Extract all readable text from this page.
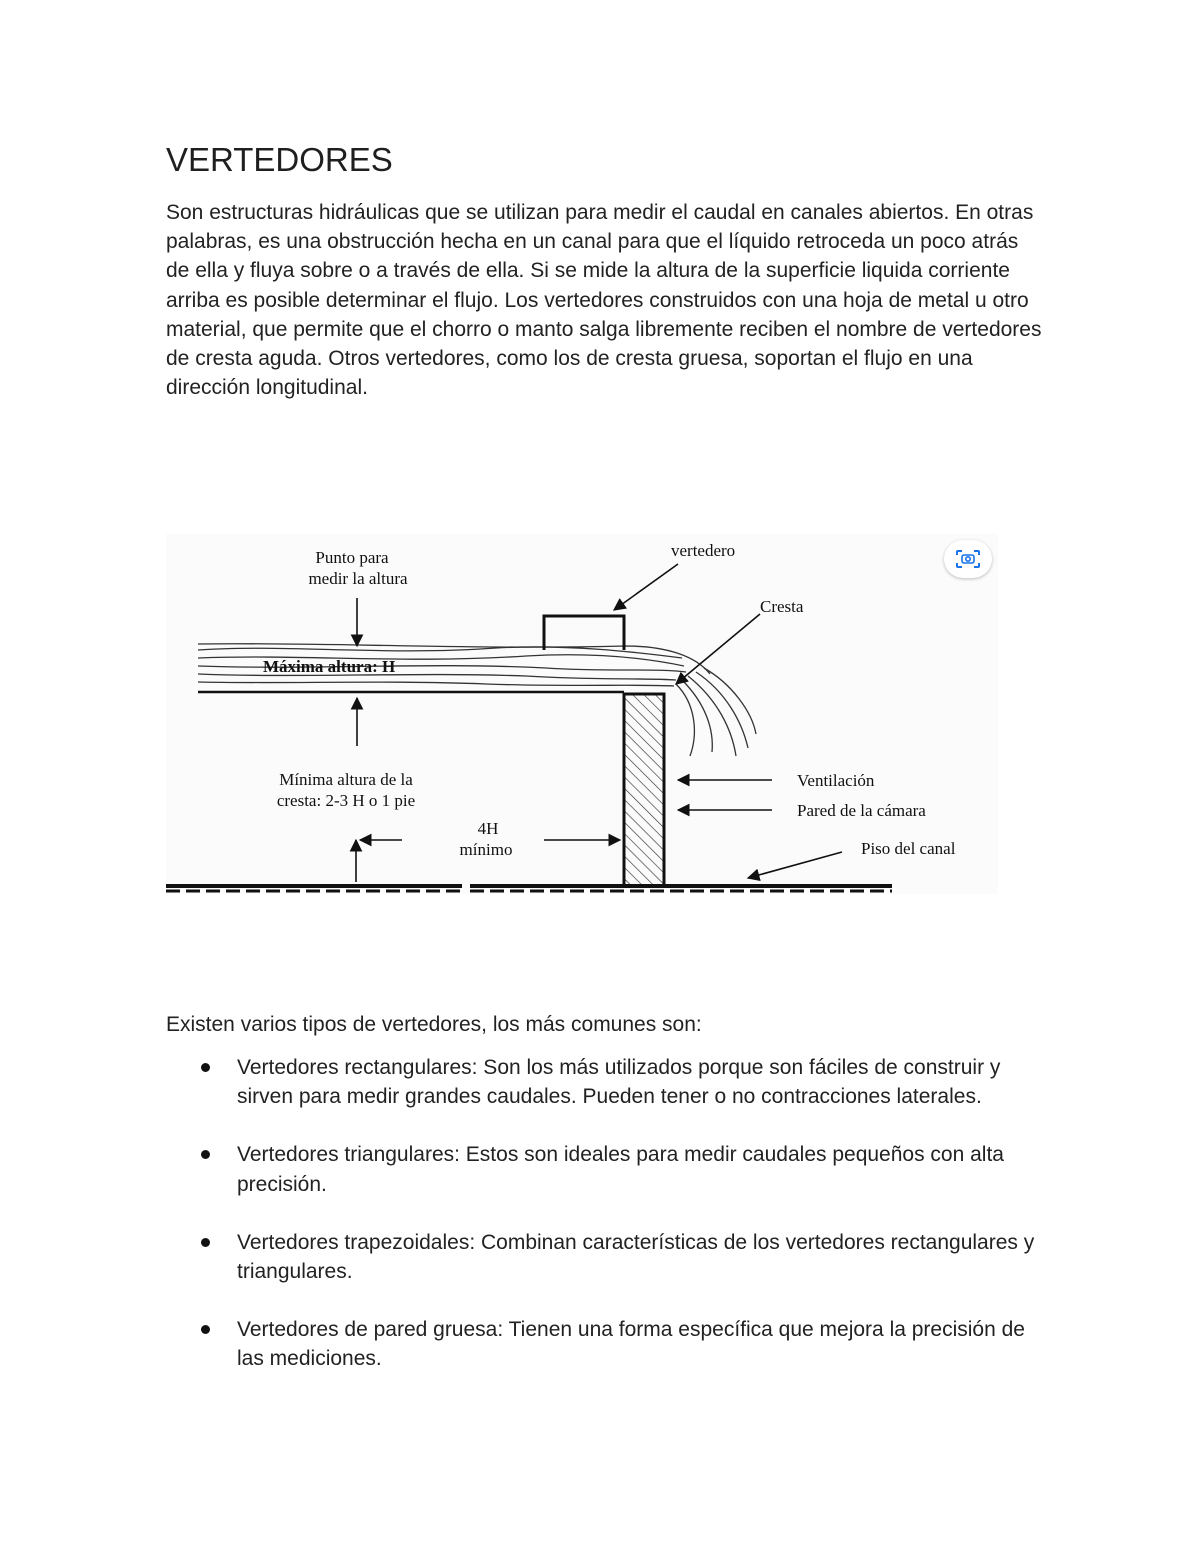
VERTEDORES

Son estructuras hidráulicas que se utilizan para medir el caudal en canales abiertos. En otras palabras, es una obstrucción hecha en un canal para que el líquido retroceda un poco atrás de ella y fluya sobre o a través de ella. Si se mide la altura de la superficie liquida corriente arriba es posible determinar el flujo. Los vertedores construidos con una hoja de metal u otro material, que permite que el chorro o manto salga libremente reciben el nombre de vertedores de cresta aguda. Otros vertedores, como los de cresta gruesa, soportan el flujo en una dirección longitudinal.

Punto para
medir la altura
vertedero
Cresta
Máxima altura: H
Mínima altura de la
cresta: 2-3 H o 1 pie
4H
mínimo
Ventilación
Pared de la cámara
Piso del canal

Existen varios tipos de vertedores, los más comunes son:

Vertedores rectangulares: Son los más utilizados porque son fáciles de construir y sirven para medir grandes caudales. Pueden tener o no contracciones laterales.
Vertedores triangulares: Estos son ideales para medir caudales pequeños con alta precisión.
Vertedores trapezoidales: Combinan características de los vertedores rectangulares y triangulares.
Vertedores de pared gruesa: Tienen una forma específica que mejora la precisión de las mediciones.
